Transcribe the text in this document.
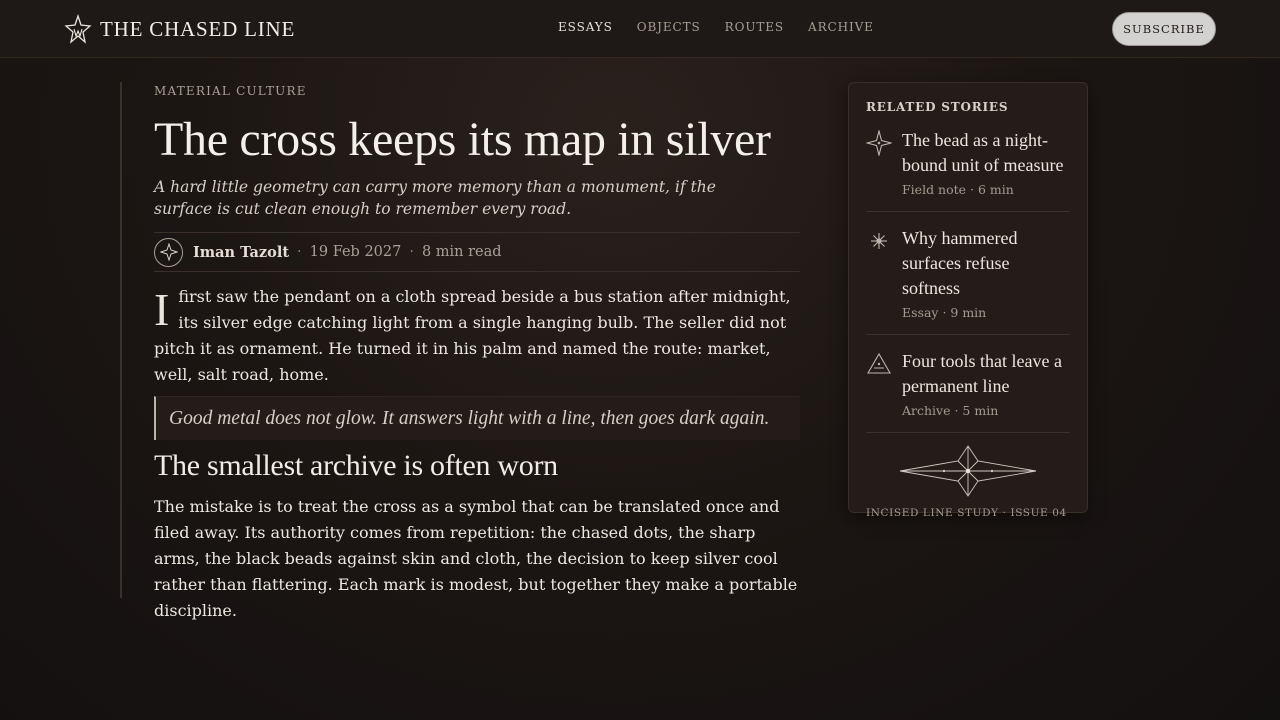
THE CHASED LINE	ESSAYS OBJECTS ROUTES ARCHIVE	SUBSCRIBE
MATERIAL CULTURE
The cross keeps its map in silver

A hard little geometry can carry more memory than a monument, if the surface is cut clean enough to remember every road.

Iman Tazolt · 19 Feb 2027 · 8 min read

Ifirst saw the pendant on a cloth spread beside a bus station after midnight, its silver edge catching light from a single hanging bulb. The seller did not pitch it as ornament. He turned it in his palm and named the route: market, well, salt road, home.

Good metal does not glow. It answers light with a line, then goes dark again.
The smallest archive is often worn

The mistake is to treat the cross as a symbol that can be translated once and filed away. Its authority comes from repetition: the chased dots, the sharp arms, the black beads against skin and cloth, the decision to keep silver cool rather than flattering. Each mark is modest, but together they make a portable discipline.

RELATED STORIES
The bead as a night-bound unit of measure
Field note · 6 min
Why hammered surfaces refuse softness
Essay · 9 min
Four tools that leave a permanent line
Archive · 5 min
INCISED LINE STUDY · ISSUE 04
